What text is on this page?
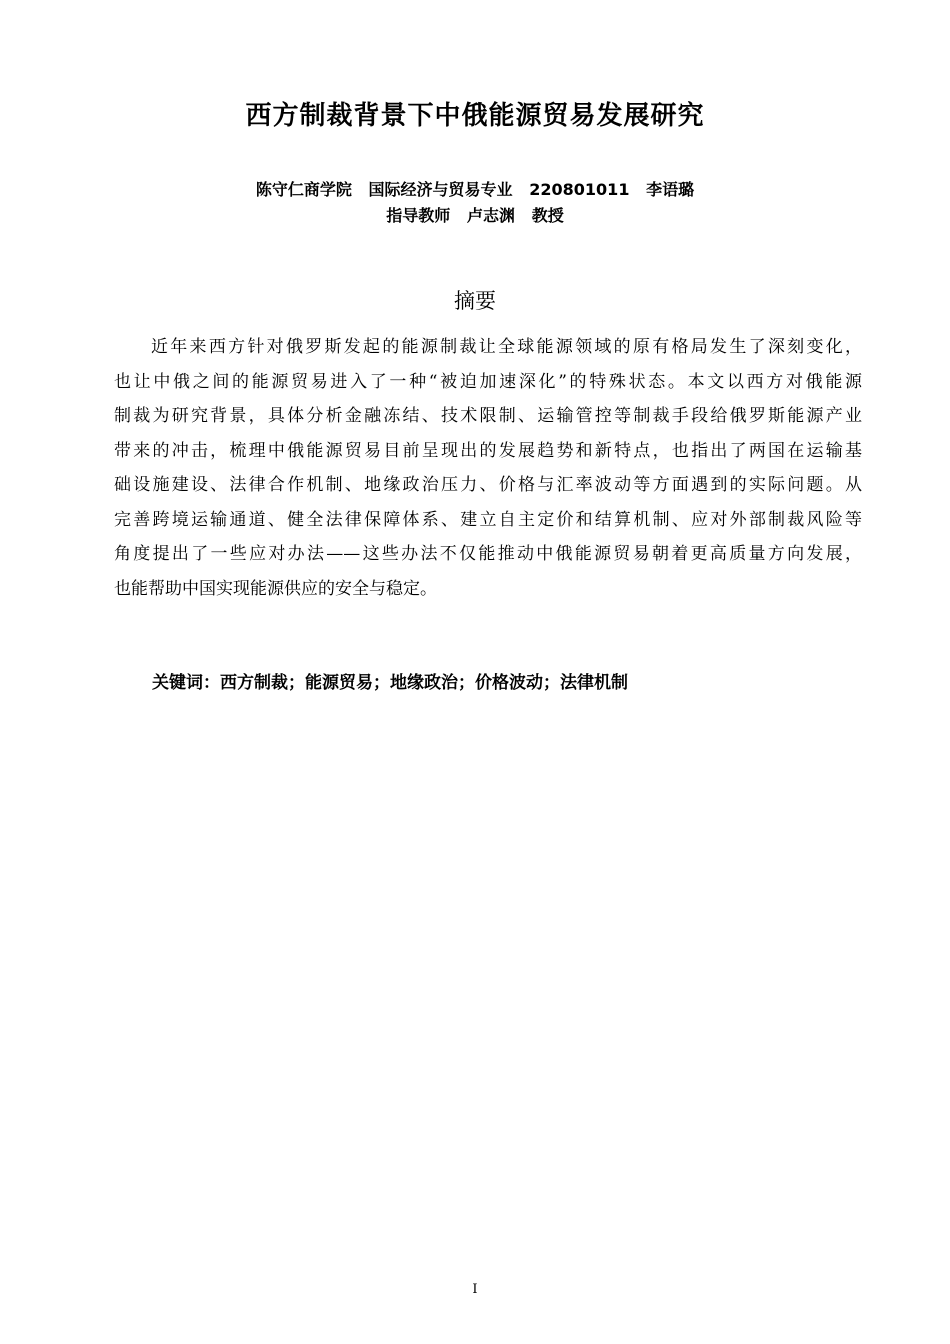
西方制裁背景下中俄能源贸易发展研究
陈守仁商学院   国际经济与贸易专业   220801011   李语璐
指导教师   卢志渊   教授
摘要
近年来西方针对俄罗斯发起的能源制裁让全球能源领域的原有格局发生了深刻变化，
也让中俄之间的能源贸易进入了一种“被迫加速深化”的特殊状态。本文以西方对俄能源
制裁为研究背景，具体分析金融冻结、技术限制、运输管控等制裁手段给俄罗斯能源产业
带来的冲击，梳理中俄能源贸易目前呈现出的发展趋势和新特点，也指出了两国在运输基
础设施建设、法律合作机制、地缘政治压力、价格与汇率波动等方面遇到的实际问题。从
完善跨境运输通道、健全法律保障体系、建立自主定价和结算机制、应对外部制裁风险等
角度提出了一些应对办法——这些办法不仅能推动中俄能源贸易朝着更高质量方向发展，
也能帮助中国实现能源供应的安全与稳定。
关键词：西方制裁；能源贸易；地缘政治；价格波动；法律机制
I
